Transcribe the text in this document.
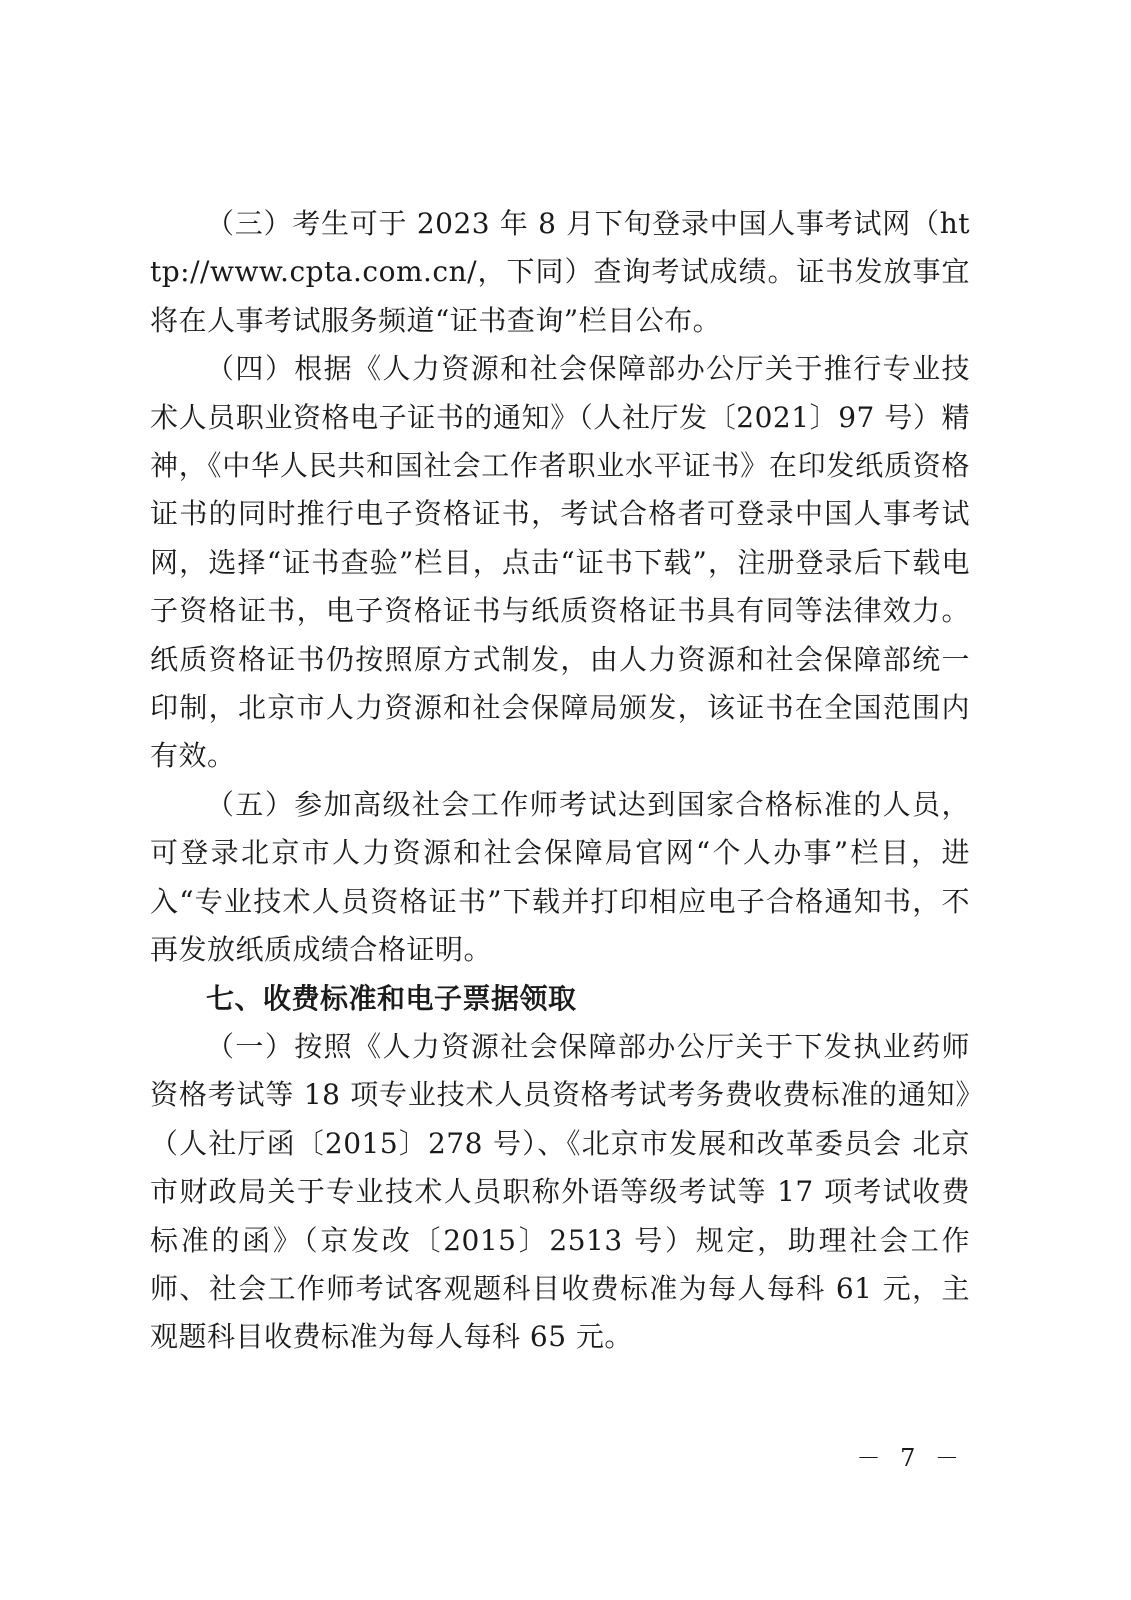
（三）考生可于 2023 年 8 月下旬登录中国人事考试网（http://www.cpta.com.cn/，下同）查询考试成绩。证书发放事宜将在人事考试服务频道“证书查询”栏目公布。

（四）根据《人力资源和社会保障部办公厅关于推行专业技术人员职业资格电子证书的通知》（人社厅发〔2021〕97 号）精神，《中华人民共和国社会工作者职业水平证书》在印发纸质资格证书的同时推行电子资格证书，考试合格者可登录中国人事考试网，选择“证书查验”栏目，点击“证书下载”，注册登录后下载电子资格证书，电子资格证书与纸质资格证书具有同等法律效力。纸质资格证书仍按照原方式制发，由人力资源和社会保障部统一印制，北京市人力资源和社会保障局颁发，该证书在全国范围内有效。

（五）参加高级社会工作师考试达到国家合格标准的人员，可登录北京市人力资源和社会保障局官网“个人办事”栏目，进入“专业技术人员资格证书”下载并打印相应电子合格通知书，不再发放纸质成绩合格证明。

七、收费标准和电子票据领取

（一）按照《人力资源社会保障部办公厅关于下发执业药师资格考试等 18 项专业技术人员资格考试考务费收费标准的通知》（人社厅函〔2015〕278 号）、《北京市发展和改革委员会 北京市财政局关于专业技术人员职称外语等级考试等 17 项考试收费标准的函》（京发改〔2015〕2513 号）规定，助理社会工作师、社会工作师考试客观题科目收费标准为每人每科 61 元，主观题科目收费标准为每人每科 65 元。

－ 7 －
